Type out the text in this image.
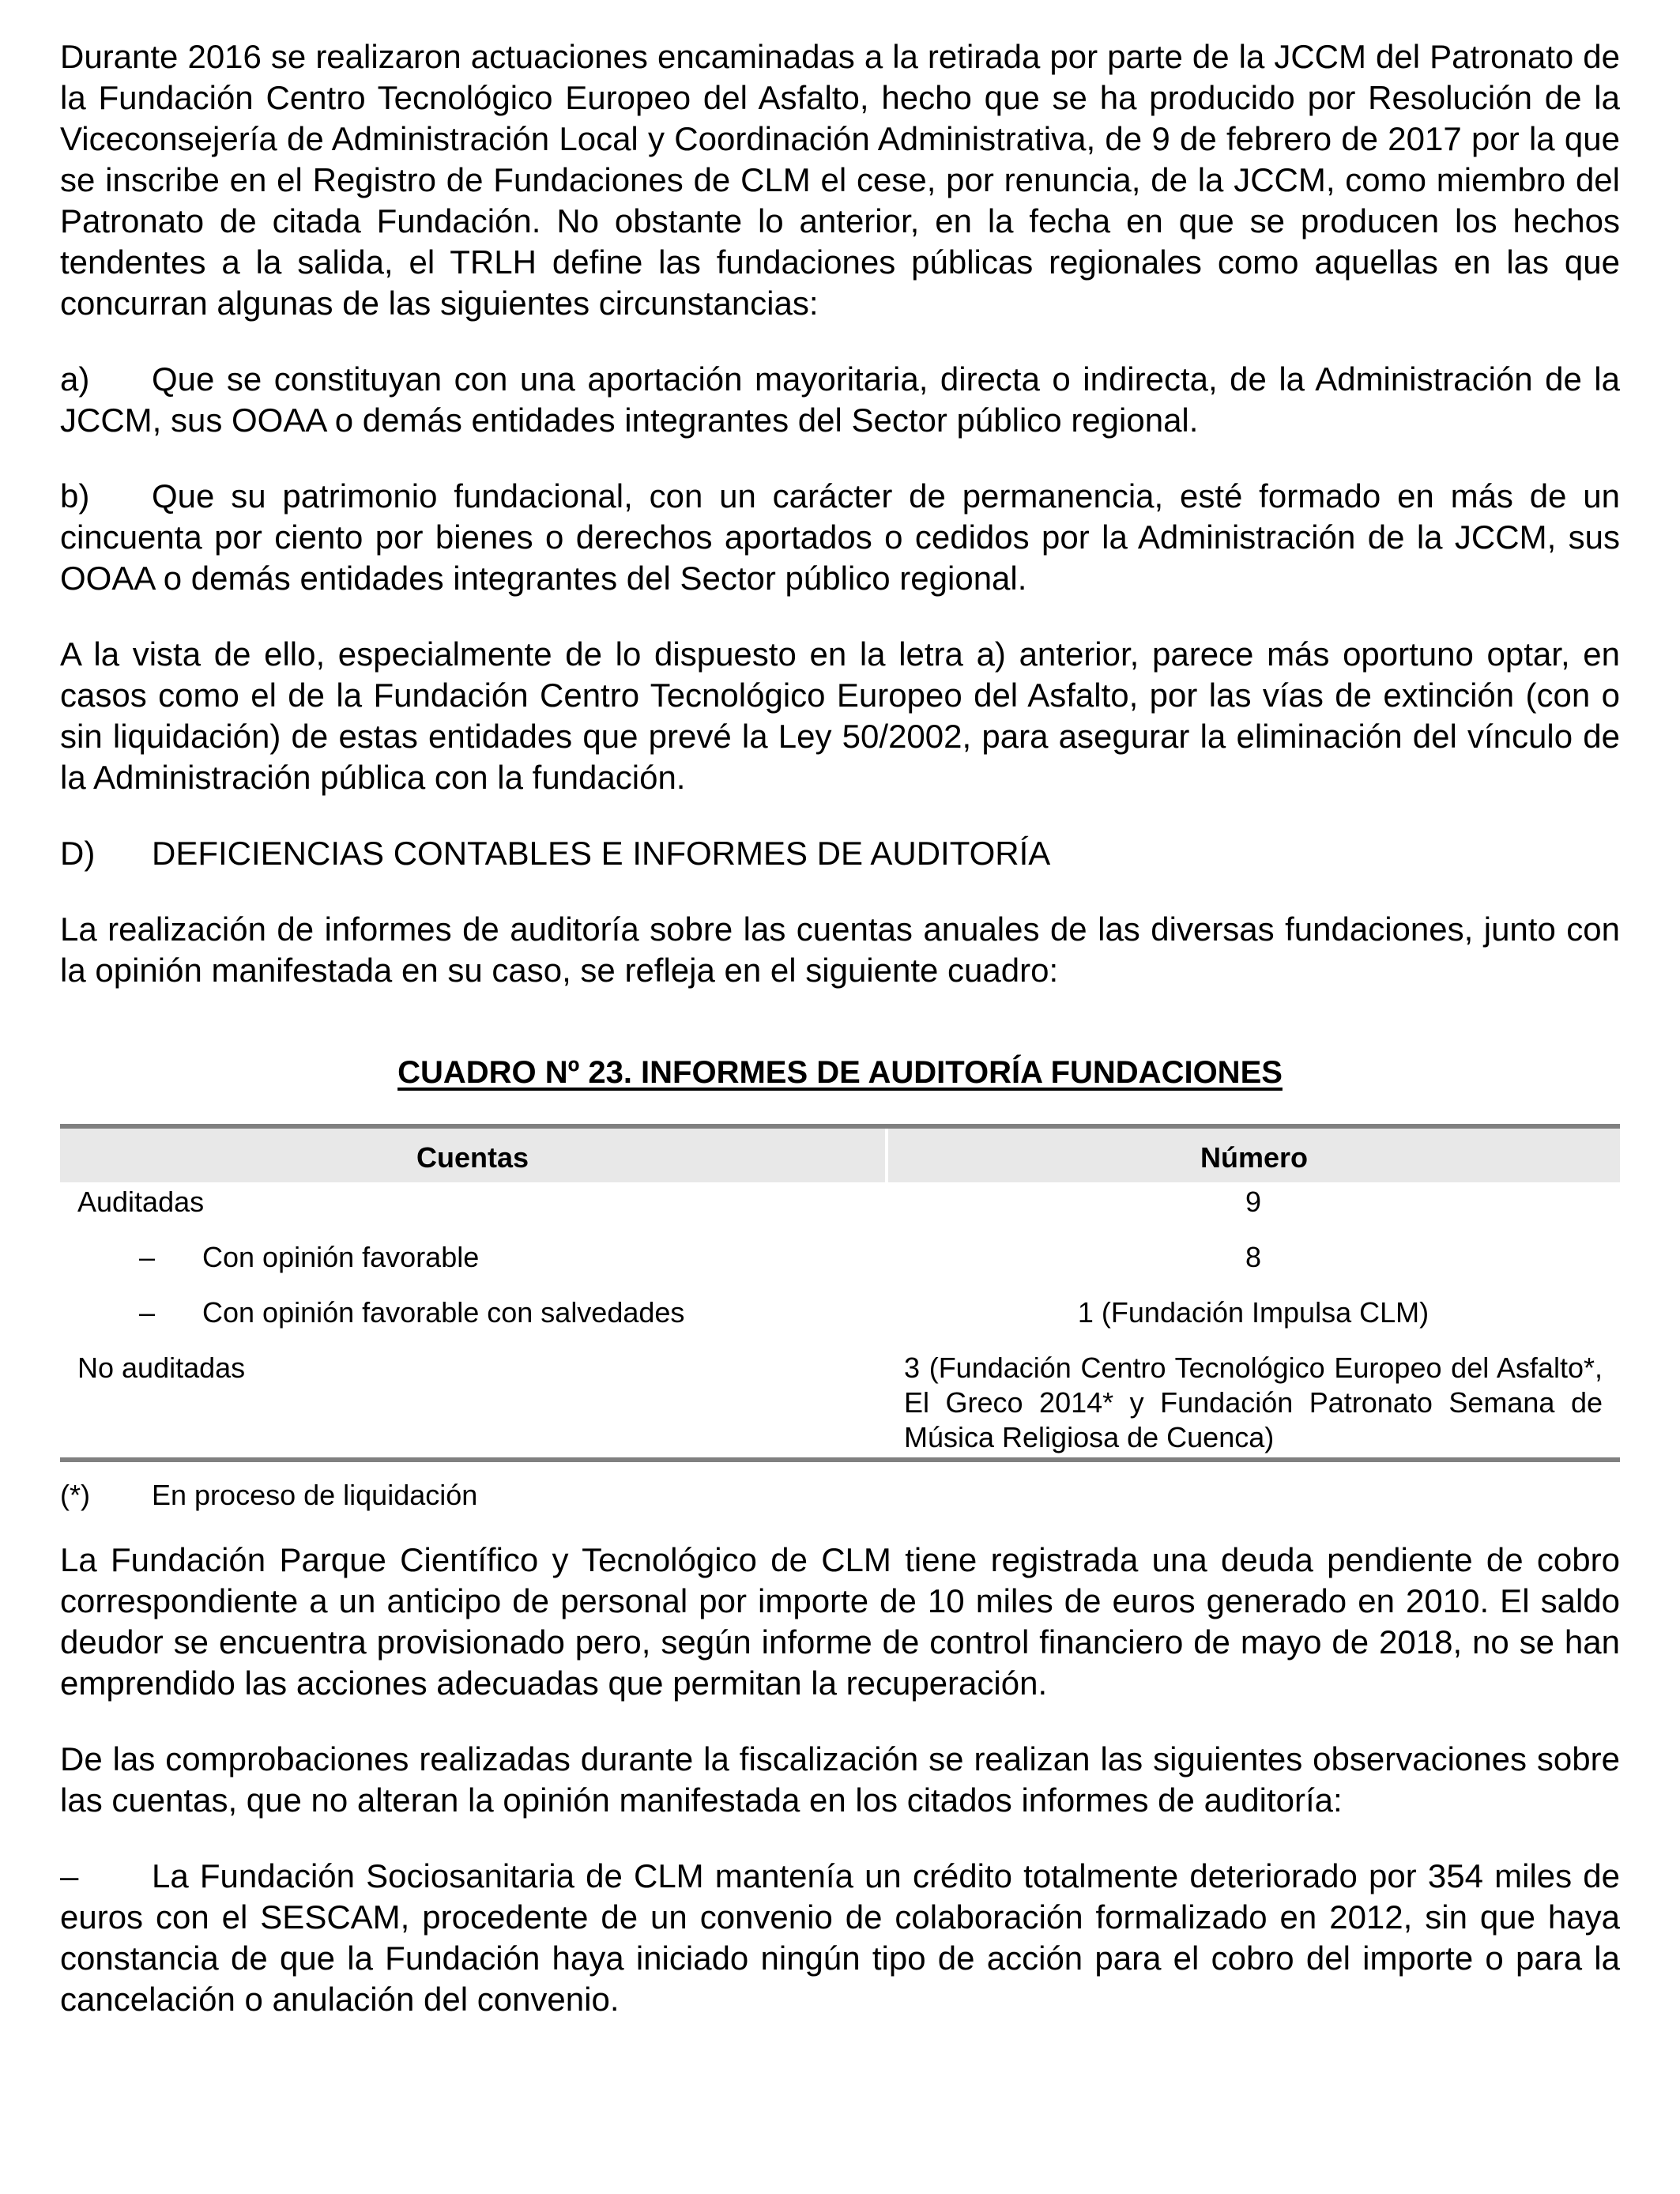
Durante 2016 se realizaron actuaciones encaminadas a la retirada por parte de la JCCM del Patronato de la Fundación Centro Tecnológico Europeo del Asfalto, hecho que se ha producido por Resolución de la Viceconsejería de Administración Local y Coordinación Administrativa, de 9 de febrero de 2017 por la que se inscribe en el Registro de Fundaciones de CLM el cese, por renuncia, de la JCCM, como miembro del Patronato de citada Fundación. No obstante lo anterior, en la fecha en que se producen los hechos tendentes a la salida, el TRLH define las fundaciones públicas regionales como aquellas en las que concurran algunas de las siguientes circunstancias:

a) Que se constituyan con una aportación mayoritaria, directa o indirecta, de la Administración de la JCCM, sus OOAA o demás entidades integrantes del Sector público regional.

b) Que su patrimonio fundacional, con un carácter de permanencia, esté formado en más de un cincuenta por ciento por bienes o derechos aportados o cedidos por la Administración de la JCCM, sus OOAA o demás entidades integrantes del Sector público regional.

A la vista de ello, especialmente de lo dispuesto en la letra a) anterior, parece más oportuno optar, en casos como el de la Fundación Centro Tecnológico Europeo del Asfalto, por las vías de extinción (con o sin liquidación) de estas entidades que prevé la Ley 50/2002, para asegurar la eliminación del vínculo de la Administración pública con la fundación.

D) DEFICIENCIAS CONTABLES E INFORMES DE AUDITORÍA

La realización de informes de auditoría sobre las cuentas anuales de las diversas fundaciones, junto con la opinión manifestada en su caso, se refleja en el siguiente cuadro:

CUADRO Nº 23. INFORMES DE AUDITORÍA FUNDACIONES
Cuentas	Número
Auditadas	9
– Con opinión favorable	8
– Con opinión favorable con salvedades	1 (Fundación Impulsa CLM)
No auditadas	3 (Fundación Centro Tecnológico Europeo del Asfalto*, El Greco 2014* y Fundación Patronato Semana de Música Religiosa de Cuenca)

(*) En proceso de liquidación

La Fundación Parque Científico y Tecnológico de CLM tiene registrada una deuda pendiente de cobro correspondiente a un anticipo de personal por importe de 10 miles de euros generado en 2010. El saldo deudor se encuentra provisionado pero, según informe de control financiero de mayo de 2018, no se han emprendido las acciones adecuadas que permitan la recuperación.

De las comprobaciones realizadas durante la fiscalización se realizan las siguientes observaciones sobre las cuentas, que no alteran la opinión manifestada en los citados informes de auditoría:

– La Fundación Sociosanitaria de CLM mantenía un crédito totalmente deteriorado por 354 miles de euros con el SESCAM, procedente de un convenio de colaboración formalizado en 2012, sin que haya constancia de que la Fundación haya iniciado ningún tipo de acción para el cobro del importe o para la cancelación o anulación del convenio.
